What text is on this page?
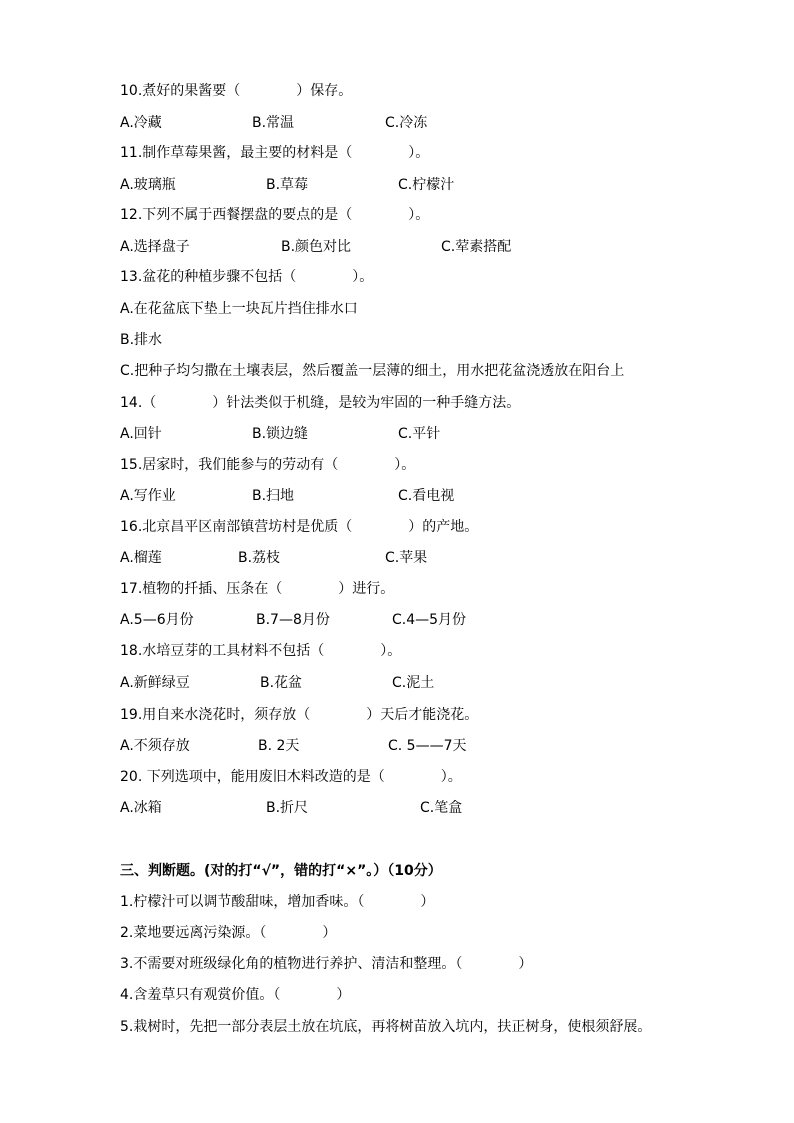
10.煮好的果酱要（　　　　）保存。
A.冷藏	B.常温	C.冷冻
11.制作草莓果酱，最主要的材料是（　　　　）。
A.玻璃瓶	B.草莓	C.柠檬汁
12.下列不属于西餐摆盘的要点的是（　　　　）。
A.选择盘子	B.颜色对比	C.荤素搭配
13.盆花的种植步骤不包括（　　　　）。
A.在花盆底下垫上一块瓦片挡住排水口
B.排水
C.把种子均匀撒在土壤表层，然后覆盖一层薄的细土，用水把花盆浇透放在阳台上
14.（　　　　）针法类似于机缝，是较为牢固的一种手缝方法。
A.回针	B.锁边缝	C.平针
15.居家时，我们能参与的劳动有（　　　　）。
A.写作业	B.扫地	C.看电视
16.北京昌平区南部镇营坊村是优质（　　　　）的产地。
A.榴莲	B.荔枝	C.苹果
17.植物的扦插、压条在（　　　　）进行。
A.5—6月份	B.7—8月份	C.4—5月份
18.水培豆芽的工具材料不包括（　　　　）。
A.新鲜绿豆	B.花盆	C.泥土
19.用自来水浇花时，须存放（　　　　）天后才能浇花。
A.不须存放	B. 2天	C. 5——7天
20. 下列选项中，能用废旧木料改造的是（　　　　）。
A.冰箱	B.折尺	C.笔盒
三、判断题。(对的打“√”，错的打“×”。）（10分）
1.柠檬汁可以调节酸甜味，增加香味。（　　　　）
2.菜地要远离污染源。（　　　　）
3.不需要对班级绿化角的植物进行养护、清洁和整理。（　　　　）
4.含羞草只有观赏价值。（　　　　）
5.栽树时，先把一部分表层土放在坑底，再将树苗放入坑内，扶正树身，使根须舒展。
